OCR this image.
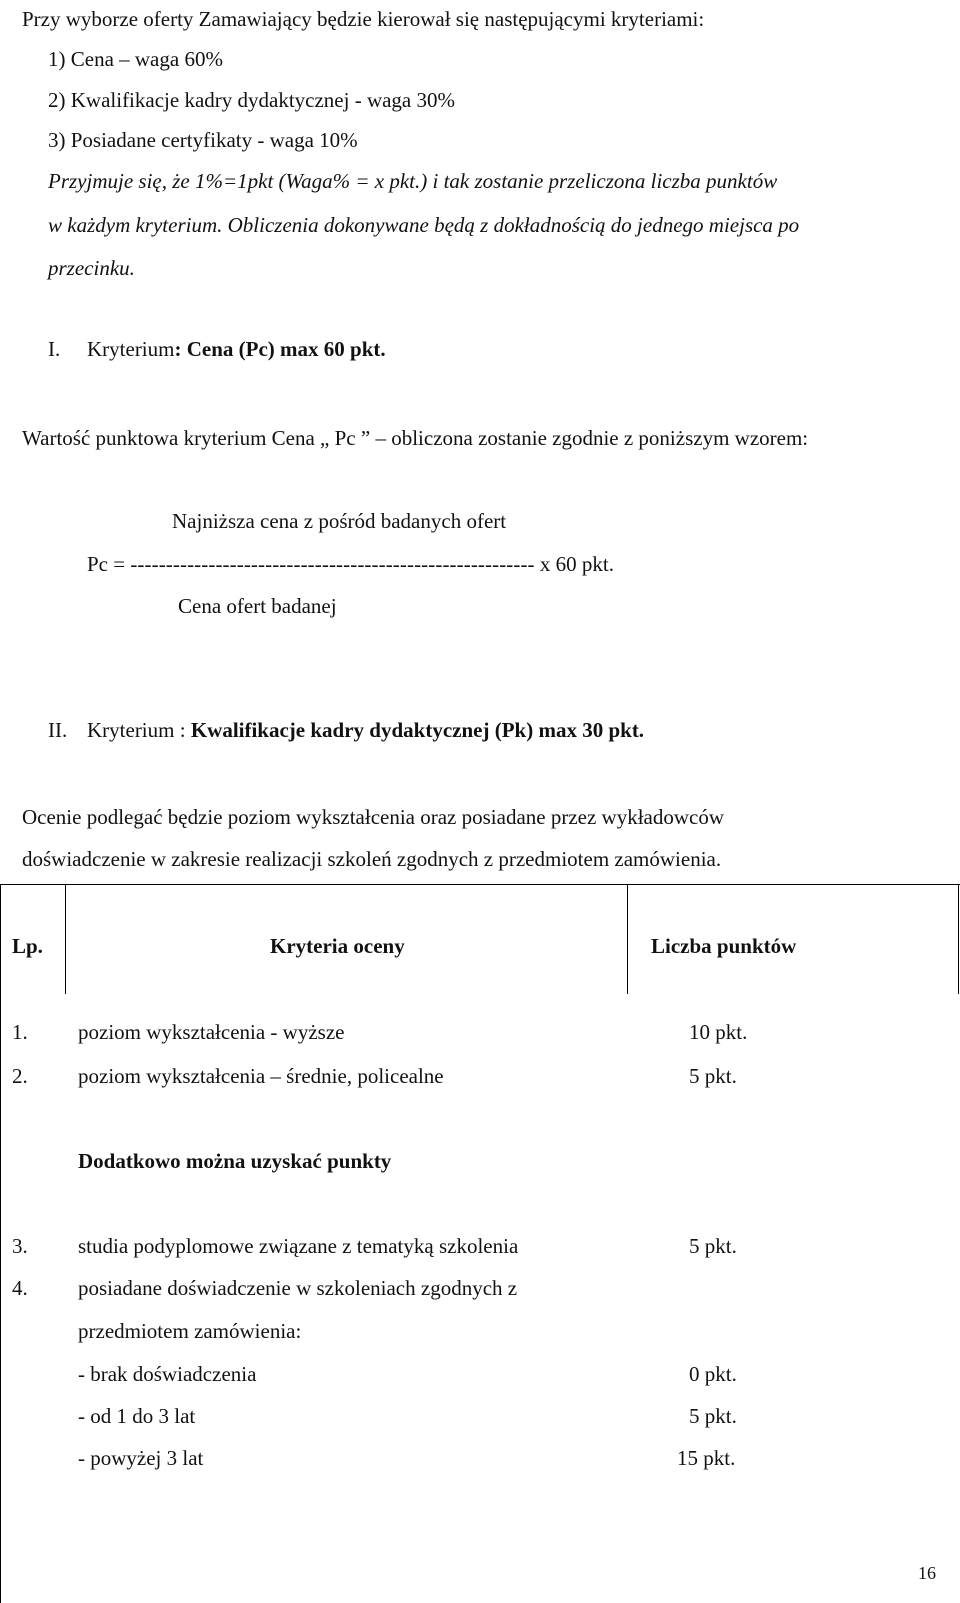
Przy wyborze oferty Zamawiający będzie kierował się następującymi kryteriami:
1) Cena – waga 60%
2) Kwalifikacje kadry dydaktycznej - waga 30%
3) Posiadane certyfikaty - waga 10%
Przyjmuje się, że 1%=1pkt (Waga% = x pkt.) i tak zostanie przeliczona liczba punktów
w każdym kryterium. Obliczenia dokonywane będą z dokładnością do jednego miejsca po
przecinku.
I. Kryterium: Cena (Pc) max 60 pkt.
Wartość punktowa kryterium Cena „ Pc ” – obliczona zostanie zgodnie z poniższym wzorem:
Najniższa cena z pośród badanych ofert
Pc = --------------------------------------------------------- x 60 pkt.
Cena ofert badanej
II. Kryterium : Kwalifikacje kadry dydaktycznej (Pk) max 30 pkt.
Ocenie podlegać będzie poziom wykształcenia oraz posiadane przez wykładowców
doświadczenie w zakresie realizacji szkoleń zgodnych z przedmiotem zamówienia.
Lp.	Kryteria oceny	Liczba punktów
1. poziom wykształcenia - wyższe	10 pkt.
2. poziom wykształcenia – średnie, policealne	5 pkt.
Dodatkowo można uzyskać punkty
3. studia podyplomowe związane z tematyką szkolenia	5 pkt.
4. posiadane doświadczenie w szkoleniach zgodnych z
przedmiotem zamówienia:
- brak doświadczenia	0 pkt.
- od 1 do 3 lat	5 pkt.
- powyżej 3 lat	15 pkt.
16
